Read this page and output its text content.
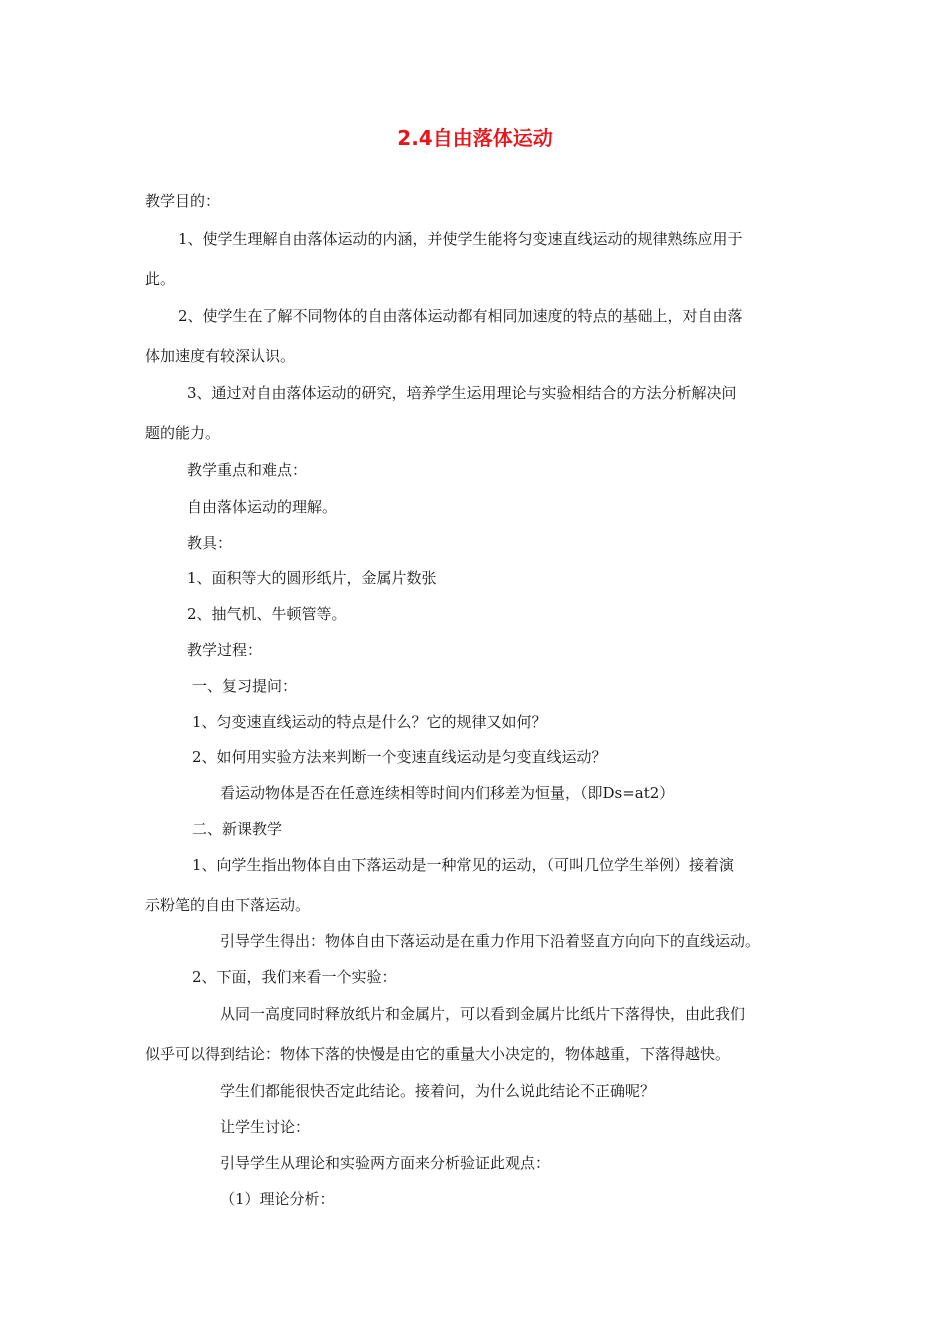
2.4自由落体运动

教学目的：

1、使学生理解自由落体运动的内涵，并使学生能将匀变速直线运动的规律熟练应用于

此。

2、使学生在了解不同物体的自由落体运动都有相同加速度的特点的基础上，对自由落

体加速度有较深认识。

3、通过对自由落体运动的研究，培养学生运用理论与实验相结合的方法分析解决问

题的能力。

教学重点和难点：

自由落体运动的理解。

教具：

1、面积等大的圆形纸片，金属片数张

2、抽气机、牛顿管等。

教学过程：

一、复习提问：

1、匀变速直线运动的特点是什么？它的规律又如何？

2、如何用实验方法来判断一个变速直线运动是匀变直线运动？

看运动物体是否在任意连续相等时间内们移差为恒量，（即Ds=at2）

二、新课教学

1、向学生指出物体自由下落运动是一种常见的运动，（可叫几位学生举例）接着演

示粉笔的自由下落运动。

引导学生得出：物体自由下落运动是在重力作用下沿着竖直方向向下的直线运动。

2、下面，我们来看一个实验：

从同一高度同时释放纸片和金属片，可以看到金属片比纸片下落得快，由此我们

似乎可以得到结论：物体下落的快慢是由它的重量大小决定的，物体越重，下落得越快。

学生们都能很快否定此结论。接着问，为什么说此结论不正确呢？

让学生讨论：

引导学生从理论和实验两方面来分析验证此观点：

（1）理论分析：
